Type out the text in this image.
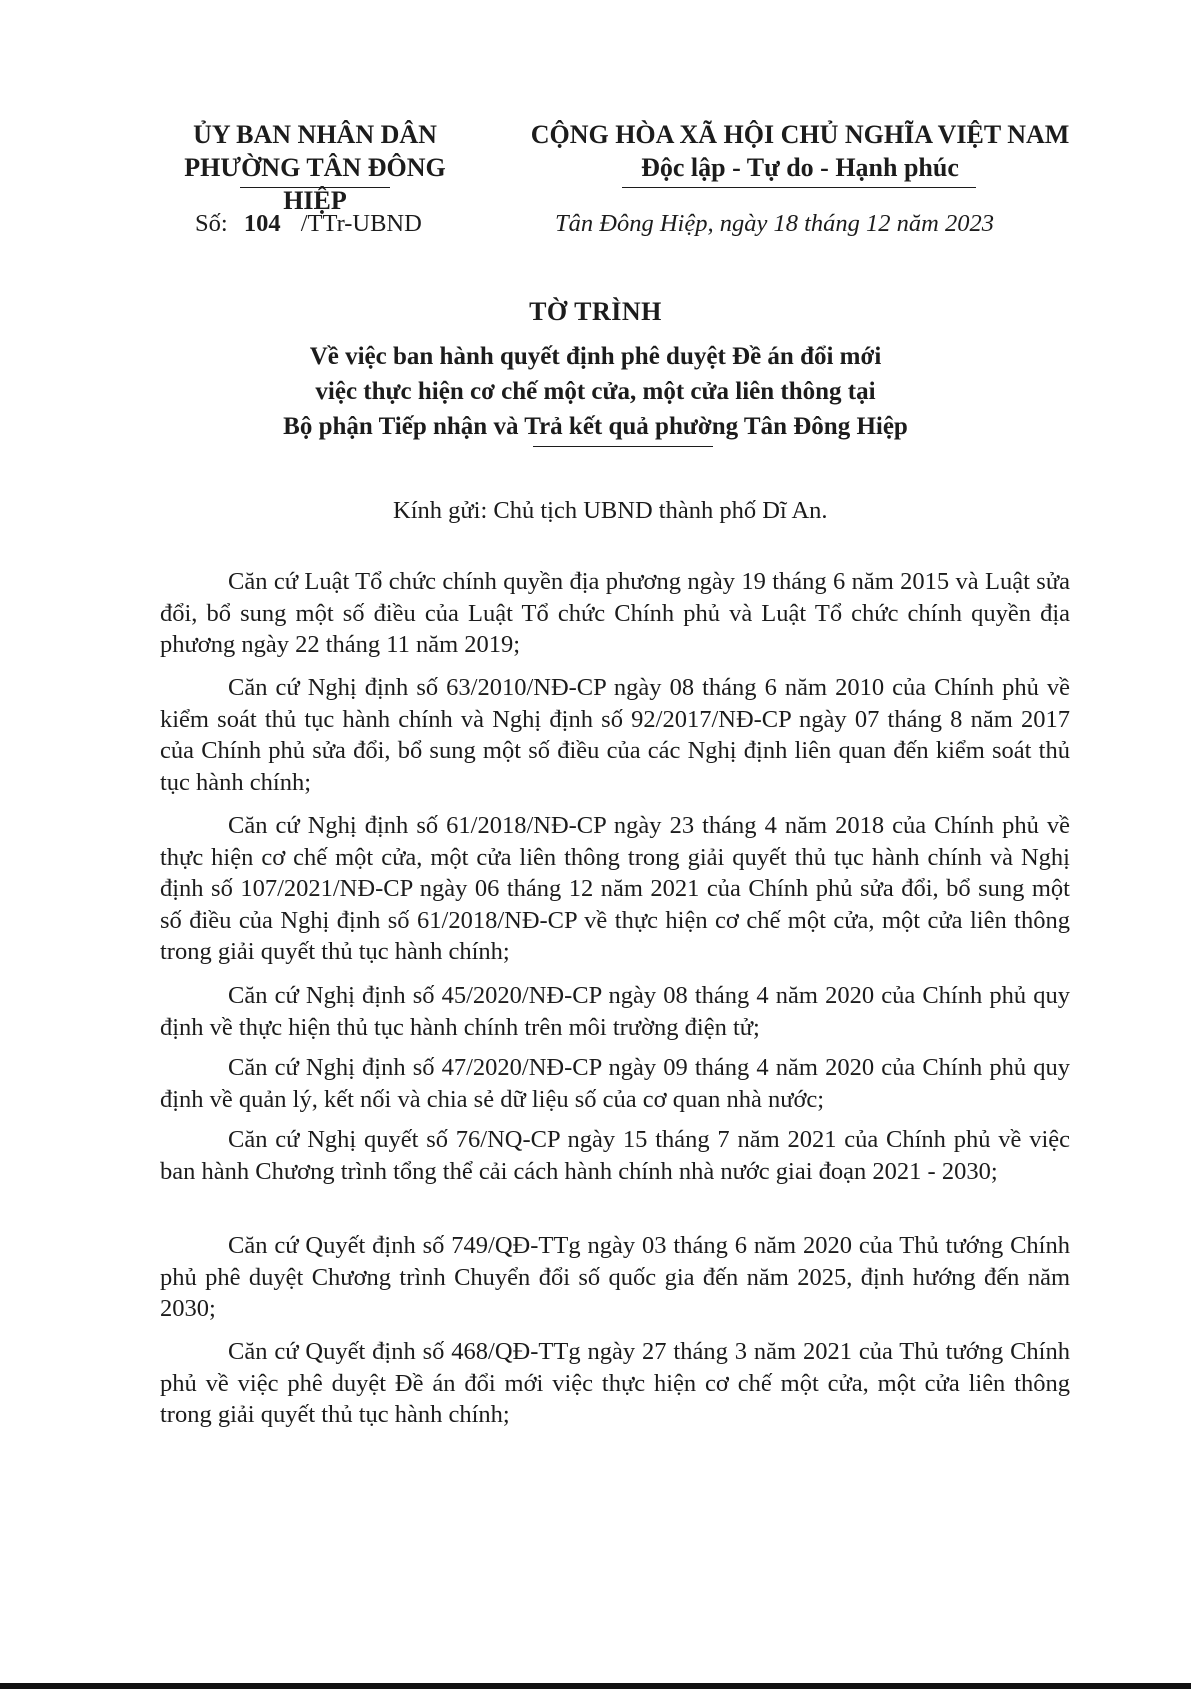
ỦY BAN NHÂN DÂN
PHƯỜNG TÂN ĐÔNG HIỆP
CỘNG HÒA XÃ HỘI CHỦ NGHĨA VIỆT NAM
Độc lập - Tự do - Hạnh phúc
Số: 104 /TTr-UBND	Tân Đông Hiệp, ngày 18 tháng 12 năm 2023
TỜ TRÌNH
Về việc ban hành quyết định phê duyệt Đề án đổi mới
việc thực hiện cơ chế một cửa, một cửa liên thông tại
Bộ phận Tiếp nhận và Trả kết quả phường Tân Đông Hiệp
Kính gửi: Chủ tịch UBND thành phố Dĩ An.

Căn cứ Luật Tổ chức chính quyền địa phương ngày 19 tháng 6 năm 2015 và Luật sửa đổi, bổ sung một số điều của Luật Tổ chức Chính phủ và Luật Tổ chức chính quyền địa phương ngày 22 tháng 11 năm 2019;

Căn cứ Nghị định số 63/2010/NĐ-CP ngày 08 tháng 6 năm 2010 của Chính phủ về kiểm soát thủ tục hành chính và Nghị định số 92/2017/NĐ-CP ngày 07 tháng 8 năm 2017 của Chính phủ sửa đổi, bổ sung một số điều của các Nghị định liên quan đến kiểm soát thủ tục hành chính;

Căn cứ Nghị định số 61/2018/NĐ-CP ngày 23 tháng 4 năm 2018 của Chính phủ về thực hiện cơ chế một cửa, một cửa liên thông trong giải quyết thủ tục hành chính và Nghị định số 107/2021/NĐ-CP ngày 06 tháng 12 năm 2021 của Chính phủ sửa đổi, bổ sung một số điều của Nghị định số 61/2018/NĐ-CP về thực hiện cơ chế một cửa, một cửa liên thông trong giải quyết thủ tục hành chính;

Căn cứ Nghị định số 45/2020/NĐ-CP ngày 08 tháng 4 năm 2020 của Chính phủ quy định về thực hiện thủ tục hành chính trên môi trường điện tử;

Căn cứ Nghị định số 47/2020/NĐ-CP ngày 09 tháng 4 năm 2020 của Chính phủ quy định về quản lý, kết nối và chia sẻ dữ liệu số của cơ quan nhà nước;

Căn cứ Nghị quyết số 76/NQ-CP ngày 15 tháng 7 năm 2021 của Chính phủ về việc ban hành Chương trình tổng thể cải cách hành chính nhà nước giai đoạn 2021 - 2030;

Căn cứ Quyết định số 749/QĐ-TTg ngày 03 tháng 6 năm 2020 của Thủ tướng Chính phủ phê duyệt Chương trình Chuyển đổi số quốc gia đến năm 2025, định hướng đến năm 2030;

Căn cứ Quyết định số 468/QĐ-TTg ngày 27 tháng 3 năm 2021 của Thủ tướng Chính phủ về việc phê duyệt Đề án đổi mới việc thực hiện cơ chế một cửa, một cửa liên thông trong giải quyết thủ tục hành chính;
